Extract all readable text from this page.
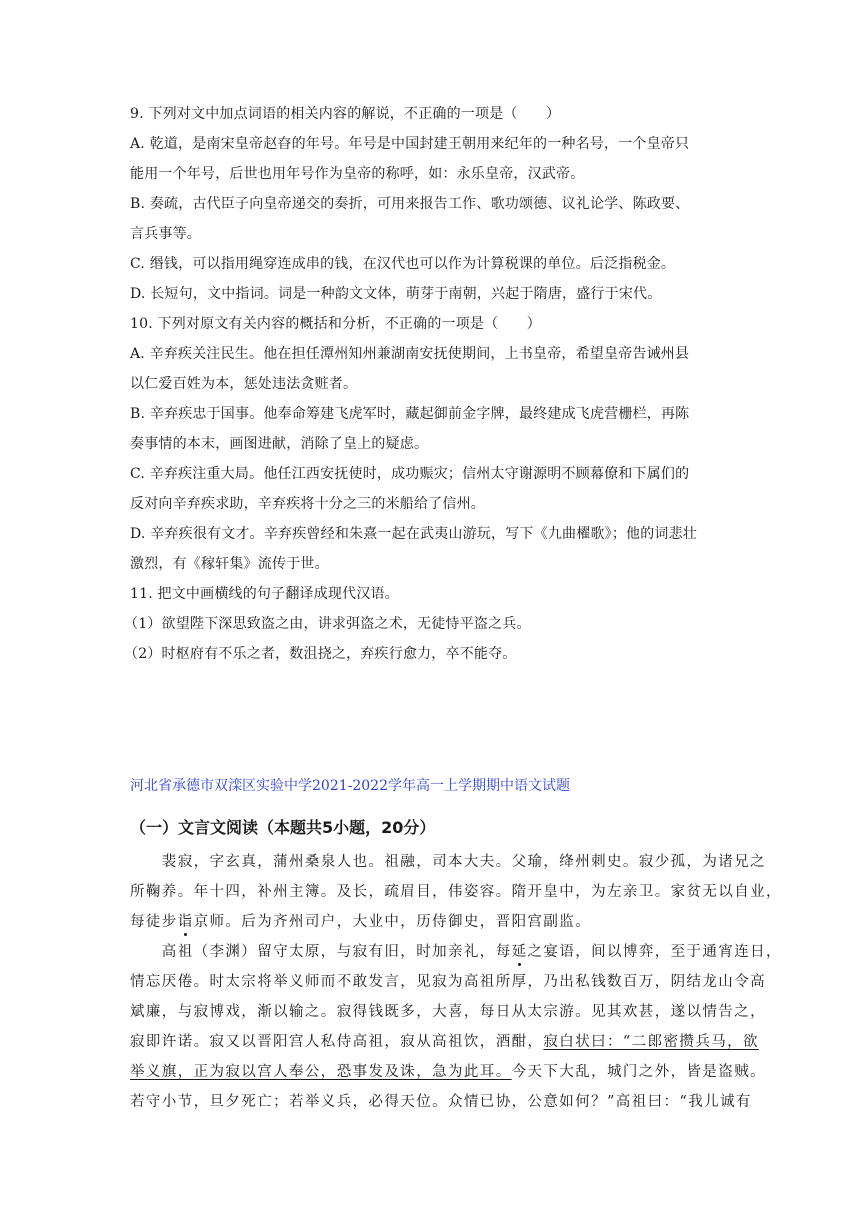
9. 下列对文中加点词语的相关内容的解说，不正确的一项是（　　）
A. 乾道，是南宋皇帝赵昚的年号。年号是中国封建王朝用来纪年的一种名号，一个皇帝只
能用一个年号，后世也用年号作为皇帝的称呼，如：永乐皇帝，汉武帝。
B. 奏疏，古代臣子向皇帝递交的奏折，可用来报告工作、歌功颂德、议礼论学、陈政要、
言兵事等。
C. 缗钱，可以指用绳穿连成串的钱，在汉代也可以作为计算税课的单位。后泛指税金。
D. 长短句，文中指词。词是一种韵文文体，萌芽于南朝，兴起于隋唐，盛行于宋代。
10. 下列对原文有关内容的概括和分析，不正确的一项是（　　）
A. 辛弃疾关注民生。他在担任潭州知州兼湖南安抚使期间，上书皇帝，希望皇帝告诫州县
以仁爱百姓为本，惩处违法贪赃者。
B. 辛弃疾忠于国事。他奉命筹建飞虎军时，藏起御前金字牌，最终建成飞虎营栅栏，再陈
奏事情的本末，画图进献，消除了皇上的疑虑。
C. 辛弃疾注重大局。他任江西安抚使时，成功赈灾；信州太守谢源明不顾幕僚和下属们的
反对向辛弃疾求助，辛弃疾将十分之三的米船给了信州。
D. 辛弃疾很有文才。辛弃疾曾经和朱熹一起在武夷山游玩，写下《九曲櫂歌》；他的词悲壮
激烈，有《稼轩集》流传于世。
11. 把文中画横线的句子翻译成现代汉语。
（1）欲望陛下深思致盗之由，讲求弭盗之术，无徒恃平盗之兵。
（2）时枢府有不乐之者，数沮挠之，弃疾行愈力，卒不能夺。
河北省承德市双滦区实验中学2021-2022学年高一上学期期中语文试题
（一）文言文阅读（本题共5小题，20分）
　　裴寂，字玄真，蒲州桑泉人也。祖融，司本大夫。父瑜，绛州刺史。寂少孤，为诸兄之
所鞠养。年十四，补州主簿。及长，疏眉目，伟姿容。隋开皇中，为左亲卫。家贫无以自业，
每徒步诣京师。后为齐州司户，大业中，历侍御史，晋阳宫副监。
　　高祖（李渊）留守太原，与寂有旧，时加亲礼，每延之宴语，间以博弈，至于通宵连日，
情忘厌倦。时太宗将举义师而不敢发言，见寂为高祖所厚，乃出私钱数百万，阴结龙山令高
斌廉，与寂博戏，渐以输之。寂得钱既多，大喜，每日从太宗游。见其欢甚，遂以情告之，
寂即许诺。寂又以晋阳宫人私侍高祖，寂从高祖饮，酒酣，寂白状曰：“二郎密攒兵马，欲
举义旗，正为寂以宫人奉公，恐事发及诛，急为此耳。今天下大乱，城门之外，皆是盗贼。
若守小节，旦夕死亡；若举义兵，必得天位。众情已协，公意如何？”高祖曰：“我儿诚有
